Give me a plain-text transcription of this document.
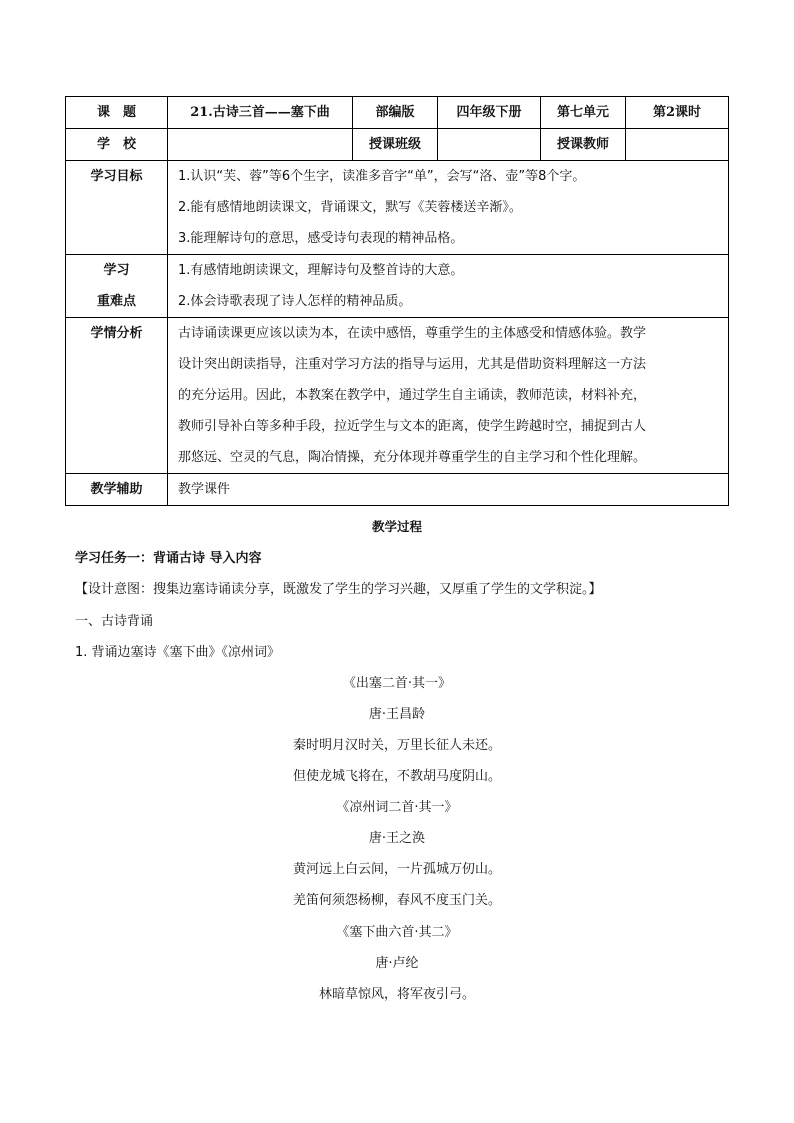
课　题	21.古诗三首——塞下曲	部编版	四年级下册	第七单元	第2课时
学　校		授课班级		授课教师	
学习目标	1.认识“芙、蓉”等6个生字，读准多音字“单”，会写“洛、壶”等8个字。
2.能有感情地朗读课文，背诵课文，默写《芙蓉楼送辛渐》。
3.能理解诗句的意思，感受诗句表现的精神品格。				

学习
重难点	1.有感情地朗读课文，理解诗句及整首诗的大意。
2.体会诗歌表现了诗人怎样的精神品质。				

学情分析	古诗诵读课更应该以读为本，在读中感悟，尊重学生的主体感受和情感体验。教学
设计突出朗读指导，注重对学习方法的指导与运用，尤其是借助资料理解这一方法
的充分运用。因此，本教案在教学中，通过学生自主诵读，教师范读，材料补充，
教师引导补白等多种手段，拉近学生与文本的距离，使学生跨越时空，捕捉到古人
那悠远、空灵的气息，陶冶情操，充分体现并尊重学生的自主学习和个性化理解。				

教学辅助	教学课件				
教学过程
学习任务一：背诵古诗 导入内容
【设计意图：搜集边塞诗诵读分享，既激发了学生的学习兴趣，又厚重了学生的文学积淀。】
一、古诗背诵
1. 背诵边塞诗《塞下曲》《凉州词》
《出塞二首·其一》
唐·王昌龄
秦时明月汉时关，万里长征人未还。
但使龙城飞将在，不教胡马度阴山。
《凉州词二首·其一》
唐·王之涣
黄河远上白云间，一片孤城万仞山。
羌笛何须怨杨柳，春风不度玉门关。
《塞下曲六首·其二》
唐·卢纶
林暗草惊风，将军夜引弓。
